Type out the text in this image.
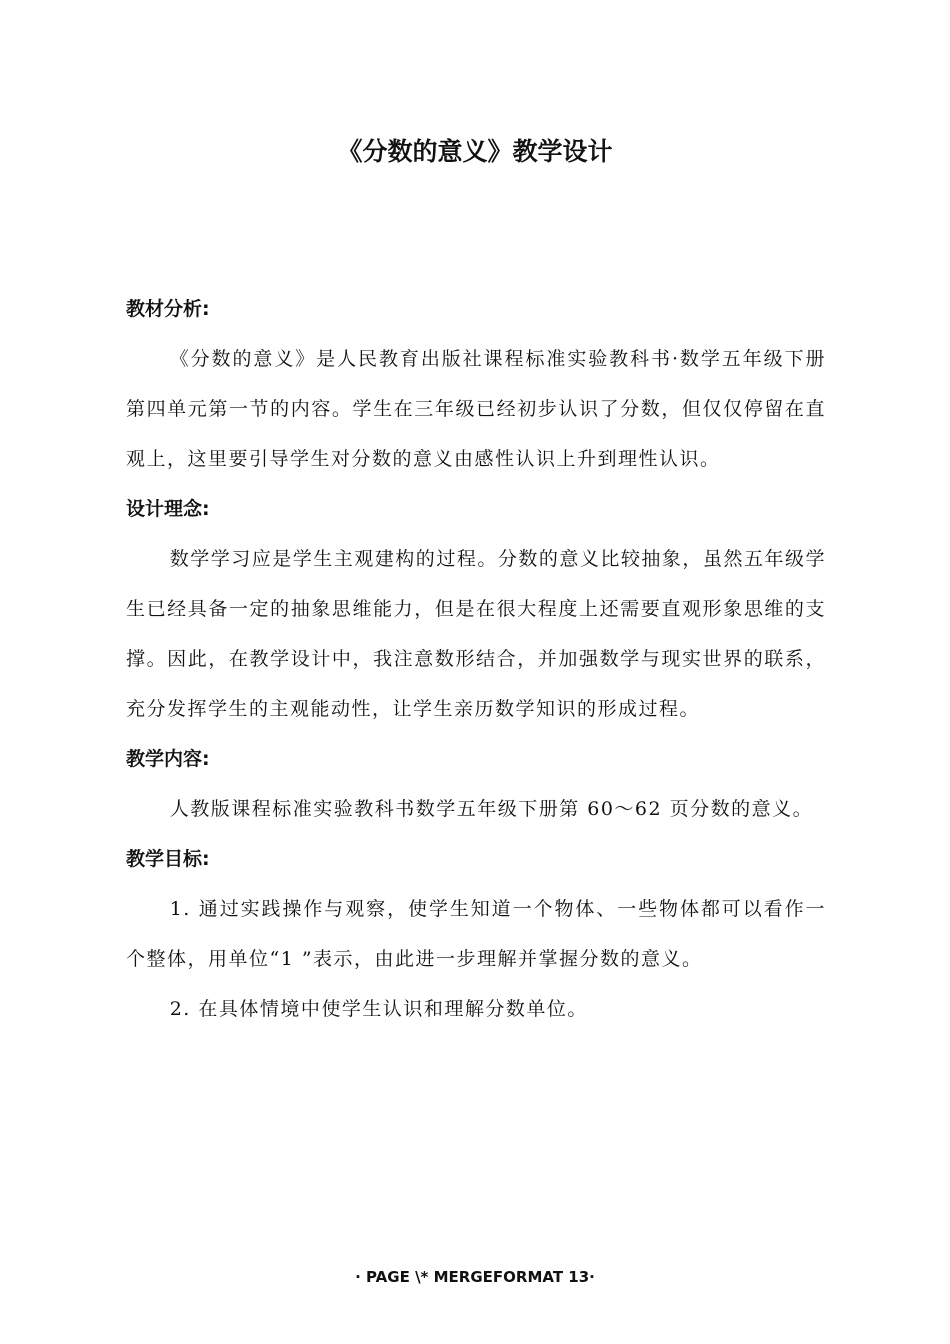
《分数的意义》教学设计
教材分析:

《分数的意义》是人民教育出版社课程标准实验教科书·数学五年级下册第四单元第一节的内容。学生在三年级已经初步认识了分数，但仅仅停留在直观上，这里要引导学生对分数的意义由感性认识上升到理性认识。

设计理念:

数学学习应是学生主观建构的过程。分数的意义比较抽象，虽然五年级学生已经具备一定的抽象思维能力，但是在很大程度上还需要直观形象思维的支撑。因此，在教学设计中，我注意数形结合，并加强数学与现实世界的联系，充分发挥学生的主观能动性，让学生亲历数学知识的形成过程。

教学内容:

人教版课程标准实验教科书数学五年级下册第 60～62 页分数的意义。

教学目标:

1. 通过实践操作与观察，使学生知道一个物体、一些物体都可以看作一个整体，用单位“1 ”表示，由此进一步理解并掌握分数的意义。

2. 在具体情境中使学生认识和理解分数单位。

· PAGE \* MERGEFORMAT 13·
